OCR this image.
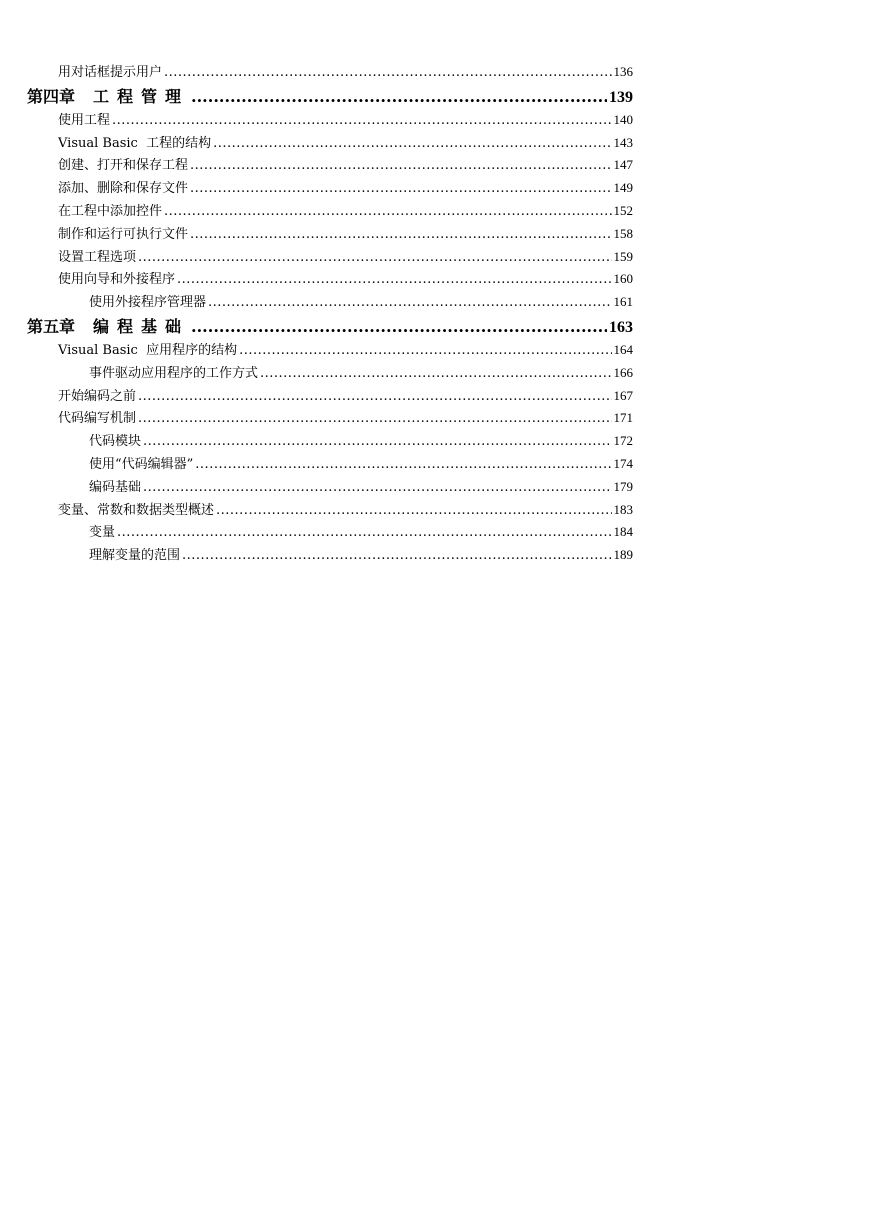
用对话框提示用户 .....	136
第四章 工程管理 .....	139
使用工程 .....	140
Visual Basic  工程的结构 .....	143
创建、打开和保存工程 .....	147
添加、删除和保存文件 .....	149
在工程中添加控件 .....	152
制作和运行可执行文件 .....	158
设置工程选项 .....	159
使用向导和外接程序 .....	160
使用外接程序管理器 .....	161
第五章 编程基础 .....	163
Visual Basic  应用程序的结构 .....	164
事件驱动应用程序的工作方式 .....	166
开始编码之前 .....	167
代码编写机制 .....	171
代码模块 .....	172
使用“代码编辑器” .....	174
编码基础 .....	179
变量、常数和数据类型概述 .....	183
变量 .....	184
理解变量的范围 .....	189
